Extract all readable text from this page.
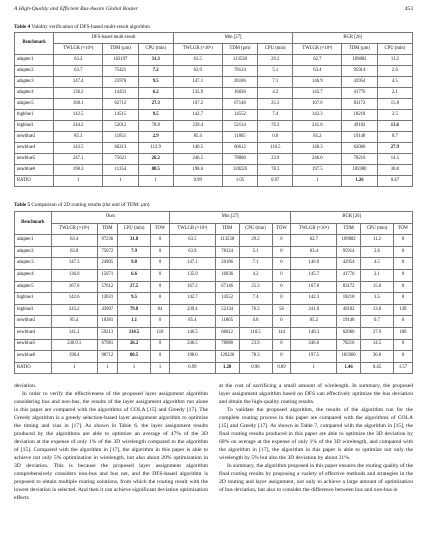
A High-Quality and Efficient Bus-Aware Global Router	453
Table 4 Validity verification of DFS-based multi-result algorithm
Benchmark	DFS-based multi-result			Min [27]			BGR [26]		
	TWLGR (×10⁵)	TDM (μm)	CPU (min)	TWLGR (×10⁵)	TDM (μm)	CPU (min)	TWLGR (×10⁵)	TDM (μm)	CPU (min)
adaptec1	63.2	102197	31.3	63.5	113538	29.2	62.7	109882	11.2
adaptec2	63.7	75421	7.2	63.9	78124	5.1	63.4	95914	2.6
adaptec3	147.4	25976	9.5	147.1	26186	7.1	146.9	42954	4.5
adaptec4	136.2	14431	6.2	135.9	16036	4.2	145.7	41776	2.1
adaptec5	168.1	62712	27.3	167.2	67146	25.3	167.0	83172	15.8
bigblue1	142.5	14515	9.5	142.7	14552	7.4	142.3	18218	3.5
bigblue3	244.2	52012	78.8	239.4	52134	76.3	241.6	49182	13.6
newblue2	85.3	11851	2.9	85.4	11865	0.8	85.2	19148	0.7
newblue4	143.5	66213	112.9	140.5	66612	110.5	140.3	62060	27.9
newblue5	247.1	75621	26.2	246.5	78080	23.9	246.0	78216	14.5
newblue6	198.3	11354	80.5	198.6	120226	78.3	197.5	185900	30.8
RATIO	1	1	1	0.99	1.05	0.97	1	1.26	0.47
Table 5 Comparison of 2D routing results (the unit of TDM: μm)
Benchmark	Ours				Min [27]				BGR [26]			
	TWLGR (×10⁵)	TDM	CPU (min)	TOW	TWLGR (×10⁵)	TDM	CPU (min)	TOW	TWLGR (×10⁵)	TDM	CPU (min)	TOW
adaptec1	63.4	97236	31.8	0	63.5	113538	29.2	0	62.7	109882	11.2	0
adaptec2	63.8	75672	7.9	0	63.9	78124	5.1	0	63.4	95914	2.6	0
adaptec3	147.3	24905	9.8	0	147.1	26186	7.1	0	146.9	42954	4.5	0
adaptec4	136.0	15671	6.6	0	135.9	16036	4.2	0	145.7	41776	2.1	0
adaptec5	167.6	57612	27.5	0	167.2	67146	25.3	0	167.0	83172	15.8	0
bigblue1	142.6	12031	9.5	0	142.7	14552	7.4	0	142.3	18218	3.5	0
bigblue3	243.2	43907	79.8	84	239.4	52134	76.3	56	241.6	49182	13.6	138
newblue2	85.4	10381	1.1	0	85.4	11865	0.8	0	85.2	19148	0.7	0
newblue4	141.2	59213	114.5	118	140.5	66612	110.5	144	140.3	62060	27.9	180
newblue5	246.9.1	67981	26.2	0	246.5	78080	23.9	0	246.0	78216	14.5	0
newblue6	198.4	98712	80.5	0	198.6	120226	78.3	0	197.5	185900	30.8	0
RATIO	1	1	1	1	0.99	1.20	0.96	0.89	1	1.46	0.45	1.57

deviation.

In order to verify the effectiveness of the proposed layer assignment algorithm considering bus and non-bus, the results of the layer assignment algorithm run alone in this paper are compared with the algorithms of COLA [15] and Greedy [17]. The Greedy algorithm is a greedy selection-based layer assignment algorithm to optimize the timing and vias in [17]. As shown in Table 6, the layer assignment results produced by the algorithms are able to optimize an average of 47% of the 3D deviation at the expense of only 1% of the 3D wirelength compared to the algorithm of [15]. Compared with the algorithm in [17], the algorithm in this paper is able to achieve not only 5% optimization in wirelength, but also about 20% optimization in 3D deviation. This is because the proposed layer assignment algorithm comprehensively considers non-bus and bus net, and the DFS-based algorithm is proposed to obtain multiple routing solutions, from which the routing result with the lowest deviation is selected. And then it can achieve significant deviation optimization effects

at the cost of sacrificing a small amount of wirelength. In summary, the proposed layer assignment algorithm based on DFS can effectively optimize the bus deviation and obtain the high-quality routing results.

To validate the proposed algorithm, the results of the algorithm run for the complete routing process in this paper are compared with the algorithms of COLA [15] and Greedy [17]. As shown in Table 7, compared with the algorithm in [15], the final routing results produced in this paper are able to optimize the 3D deviation by 60% on average at the expense of only 1% of the 3D wirelength, and compared with the algorithm in [17], the algorithm in this paper is able to optimize not only the wirelength by 5% but also the 3D deviation by about 31%.

In summary, the algorithm proposed in this paper ensures the routing quality of the final routing results by proposing a variety of effective methods and strategies in the 2D routing and layer assignment, not only to achieve a large amount of optimization of bus deviation, but also to consider the difference between bus and non-bus in
